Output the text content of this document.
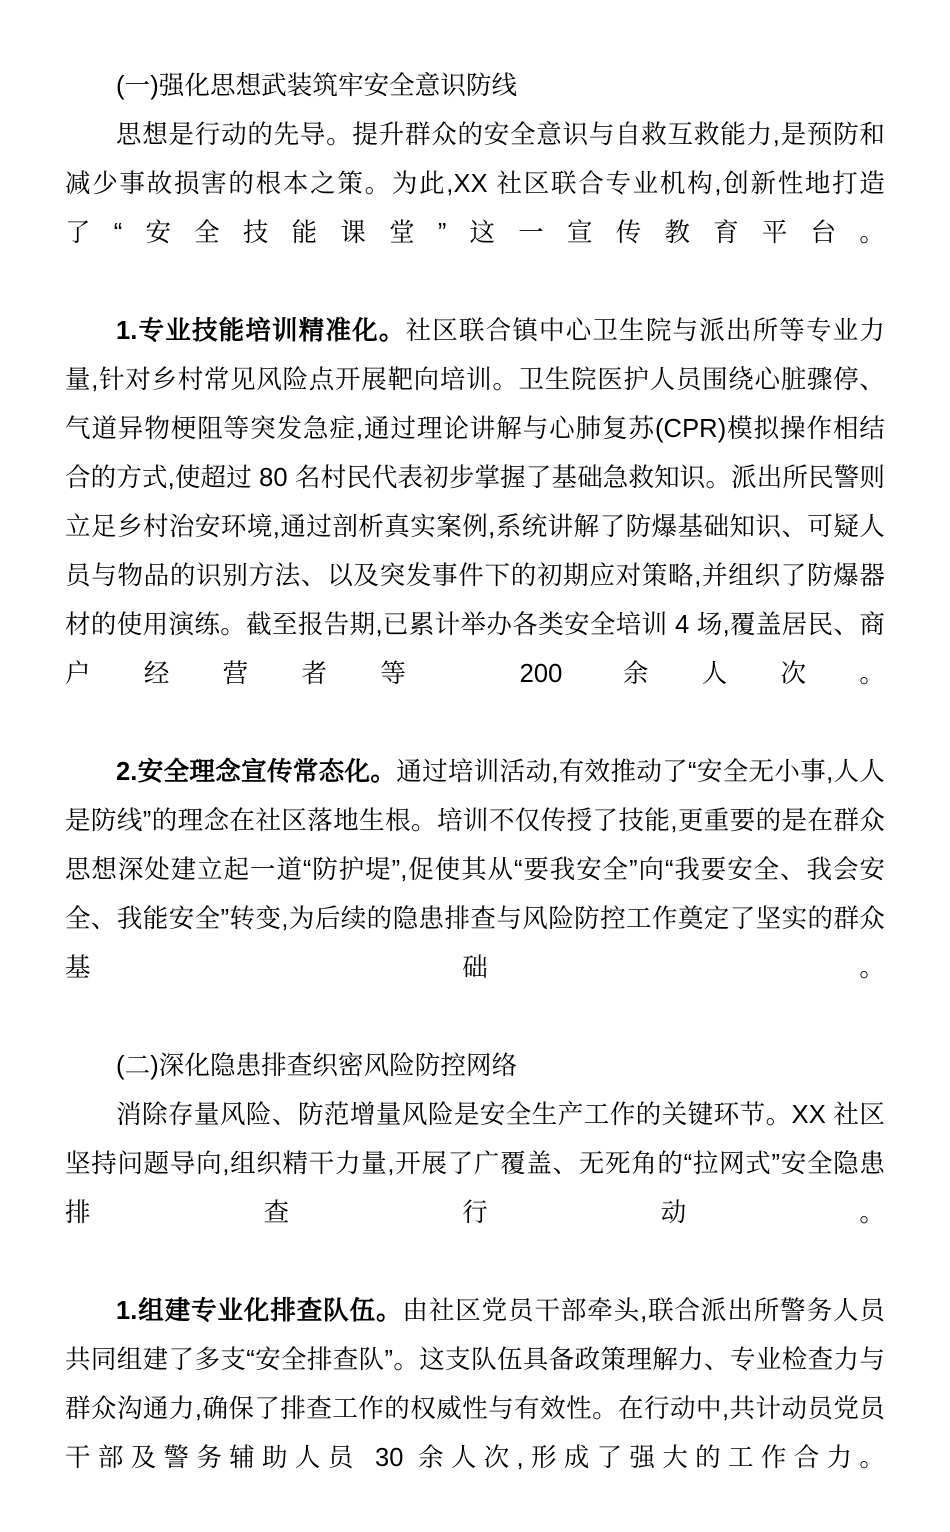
(一)强化思想武装筑牢安全意识防线

思想是行动的先导。提升群众的安全意识与自救互救能力,是预防和减少事故损害的根本之策。为此,XX 社区联合专业机构,创新性地打造了“安全技能课堂”这一宣传教育平台。

1.专业技能培训精准化。社区联合镇中心卫生院与派出所等专业力量,针对乡村常见风险点开展靶向培训。卫生院医护人员围绕心脏骤停、气道异物梗阻等突发急症,通过理论讲解与心肺复苏(CPR)模拟操作相结合的方式,使超过 80 名村民代表初步掌握了基础急救知识。派出所民警则立足乡村治安环境,通过剖析真实案例,系统讲解了防爆基础知识、可疑人员与物品的识别方法、以及突发事件下的初期应对策略,并组织了防爆器材的使用演练。截至报告期,已累计举办各类安全培训 4 场,覆盖居民、商户经营者等 200 余人次。

2.安全理念宣传常态化。通过培训活动,有效推动了“安全无小事,人人是防线”的理念在社区落地生根。培训不仅传授了技能,更重要的是在群众思想深处建立起一道“防护堤”,促使其从“要我安全”向“我要安全、我会安全、我能安全”转变,为后续的隐患排查与风险防控工作奠定了坚实的群众基础。

(二)深化隐患排查织密风险防控网络

消除存量风险、防范增量风险是安全生产工作的关键环节。XX 社区坚持问题导向,组织精干力量,开展了广覆盖、无死角的“拉网式”安全隐患排查行动。

1.组建专业化排查队伍。由社区党员干部牵头,联合派出所警务人员共同组建了多支“安全排查队”。这支队伍具备政策理解力、专业检查力与群众沟通力,确保了排查工作的权威性与有效性。在行动中,共计动员党员干部及警务辅助人员 30 余人次,形成了强大的工作合力。
